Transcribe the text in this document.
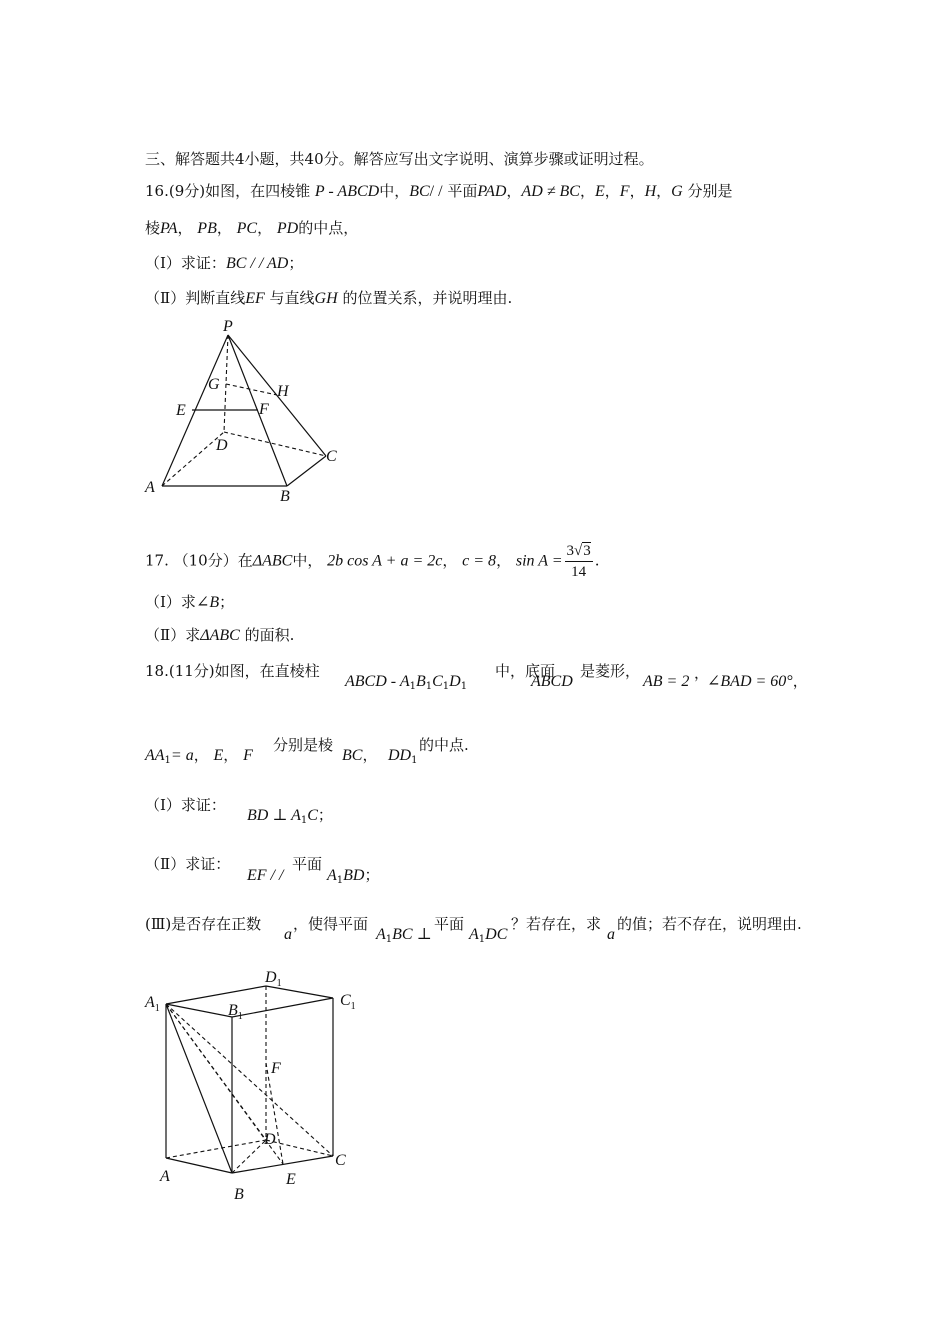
三、解答题共4小题，共40分。解答应写出文字说明、演算步骤或证明过程。
16.(9分)如图，在四棱锥 P - ABCD中，BC/ / 平面PAD，AD ≠ BC，E，F，H，G 分别是
棱PA， PB， PC， PD的中点，
（Ⅰ）求证：BC / / AD；
（Ⅱ）判断直线EF 与直线GH 的位置关系，并说明理由.
P
G	H
E	F
D
C
A
B
17. （10分）在ΔABC中， 2b cos A + a = 2c， c = 8， $\sin A = \frac{3√3}{14}$ .
（Ⅰ）求∠B；
（Ⅱ）求ΔABC 的面积.
18.(11分)如图，在直棱柱
ABCD - $A_1B_1C_1D_1$
中，底面
ABCD
是菱形，
AB = 2 ，
∠BAD = 60°，
$AA_1= a$， E， F
分别是棱
BC， $DD_1$
的中点.
（Ⅰ）求证：
BD ⊥ $A_1C$；
（Ⅱ）求证：
EF / /
平面
$A_1BD$；
(Ⅲ)是否存在正数
a
，使得平面
$A_1BC$ ⊥
平面
$A_1DC$
？若存在，求
a
的值；若不存在，说明理由.
$A_1$
$D_1$
$B_1$
$C_1$
F
D
C
A
B
E
